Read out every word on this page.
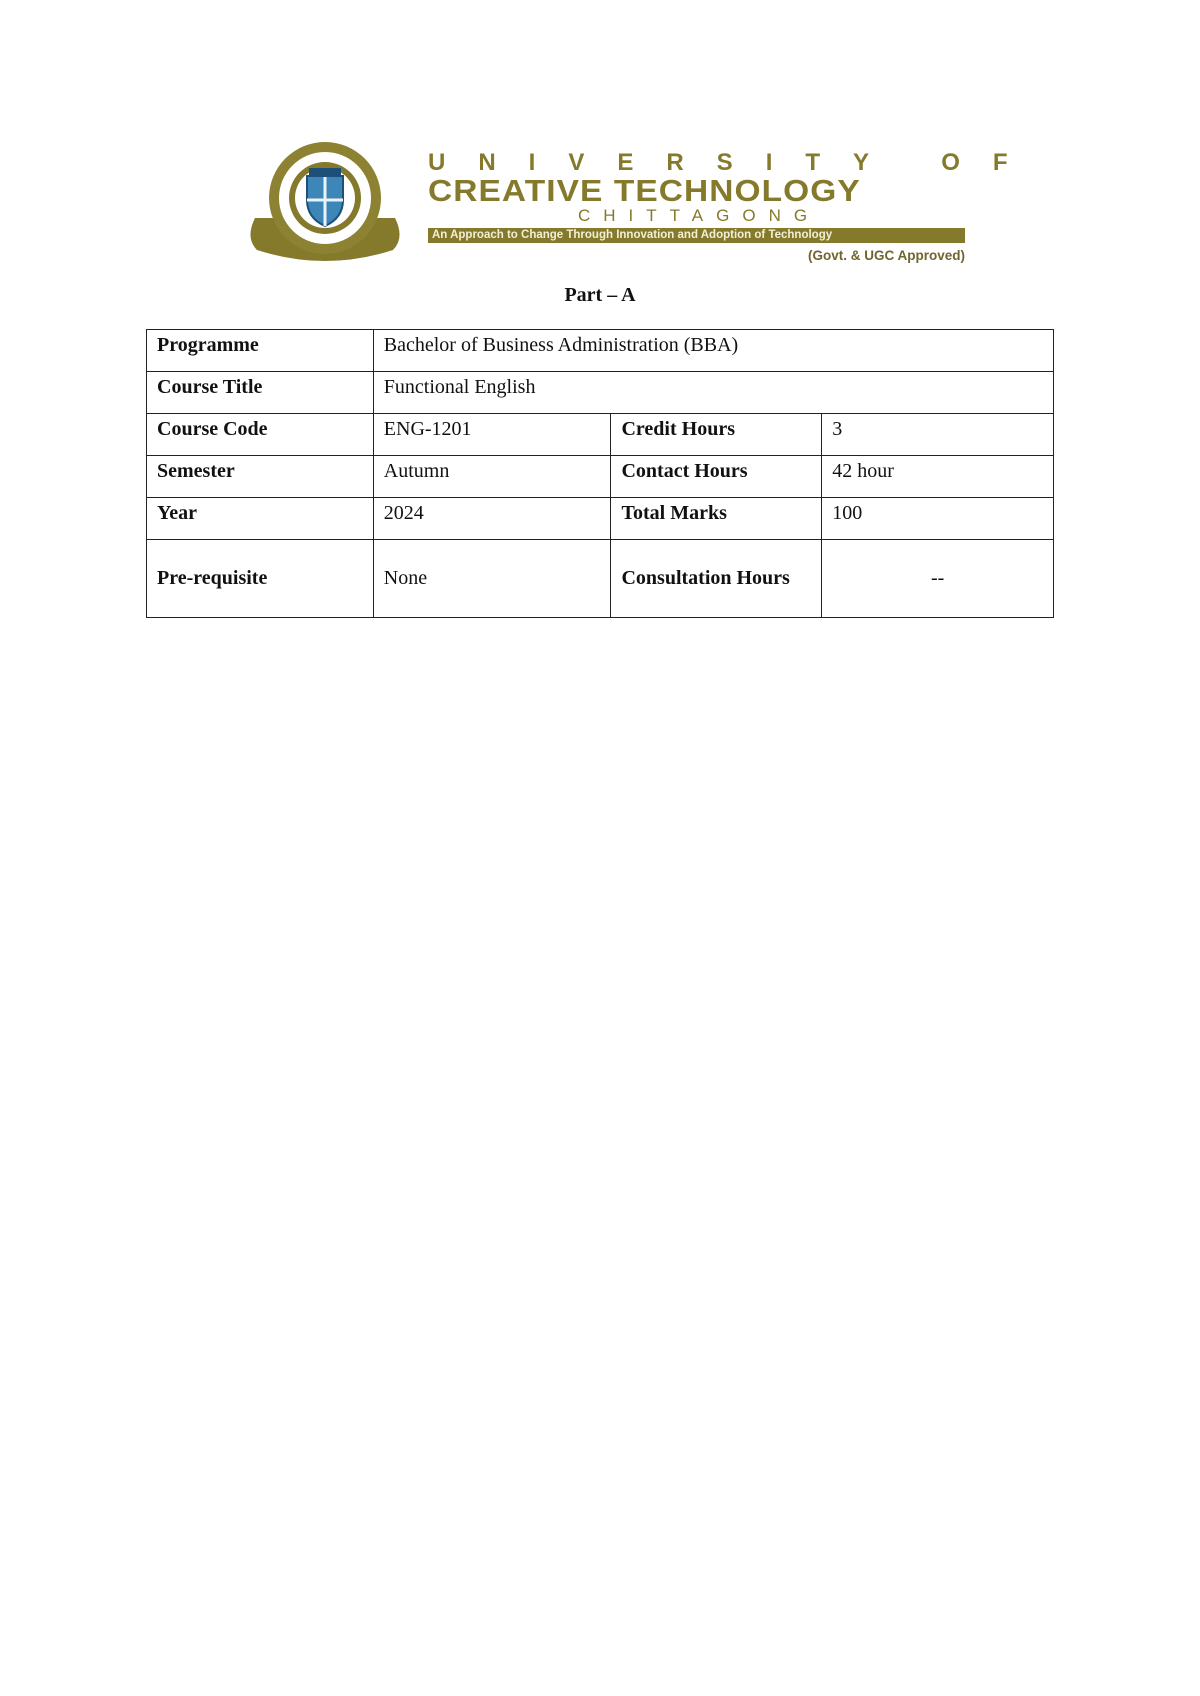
UNIVERSITY OF
CREATIVE TECHNOLOGY
CHITTAGONG
An Approach to Change Through Innovation and Adoption of Technology
(Govt. & UGC Approved)
Part – A
Programme	Bachelor of Business Administration (BBA)		
Course Title	Functional English		
Course Code	ENG-1201	Credit Hours	3
Semester	Autumn	Contact Hours	42 hour
Year	2024	Total Marks	100
Pre-requisite	None	Consultation Hours	--
